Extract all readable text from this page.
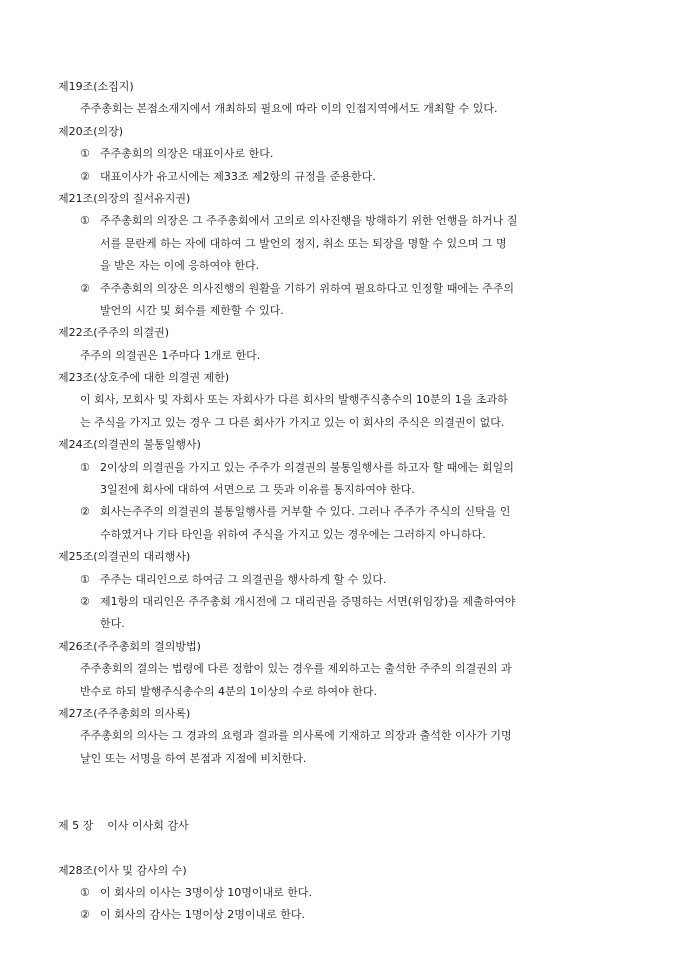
제19조(소집지)
주주총회는 본점소재지에서 개최하되 필요에 따라 이의 인접지역에서도 개최할 수 있다.
제20조(의장)
① 주주총회의 의장은 대표이사로 한다.
② 대표이사가 유고시에는 제33조 제2항의 규정을 준용한다.
제21조(의장의 질서유지권)
① 주주총회의 의장은 그 주주총회에서 고의로 의사진행을 방해하기 위한 언행을 하거나 질
서를 문란케 하는 자에 대하여 그 발언의 정지, 취소 또는 퇴장을 명할 수 있으며 그 명
을 받은 자는 이에 응하여야 한다.
② 주주총회의 의장은 의사진행의 원활을 기하기 위하여 필요하다고 인정할 때에는 주주의
발언의 시간 및 회수를 제한할 수 있다.
제22조(주주의 의결권)
주주의 의결권은 1주마다 1개로 한다.
제23조(상호주에 대한 의결권 제한)
이 회사, 모회사 및 자회사 또는 자회사가 다른 회사의 발행주식총수의 10분의 1을 초과하
는 주식을 가지고 있는 경우 그 다른 회사가 가지고 있는 이 회사의 주식은 의결권이 없다.
제24조(의결권의 불통일행사)
① 2이상의 의결권을 가지고 있는 주주가 의결권의 불통일행사를 하고자 할 때에는 회일의
3일전에 회사에 대하여 서면으로 그 뜻과 이유를 통지하여야 한다.
② 회사는주주의 의결권의 불통일행사를 거부할 수 있다. 그러나 주주가 주식의 신탁을 인
수하였거나 기타 타인을 위하여 주식을 가지고 있는 경우에는 그러하지 아니하다.
제25조(의결권의 대리행사)
① 주주는 대리인으로 하여금 그 의결권을 행사하게 할 수 있다.
② 제1항의 대리인은 주주총회 개시전에 그 대리권을 증명하는 서면(위임장)을 제출하여야
한다.
제26조(주주총회의 결의방법)
주주총회의 결의는 법령에 다른 정함이 있는 경우를 제외하고는 출석한 주주의 의결권의 과
반수로 하되 발행주식총수의 4분의 1이상의 수로 하여야 한다.
제27조(주주총회의 의사록)
주주총회의 의사는 그 경과의 요령과 결과를 의사록에 기재하고 의장과 출석한 이사가 기명
날인 또는 서명을 하여 본점과 지점에 비치한다.
제 5 장    이사 이사회 감사
제28조(이사 및 감사의 수)
① 이 회사의 이사는 3명이상 10명이내로 한다.
② 이 회사의 감사는 1명이상 2명이내로 한다.
